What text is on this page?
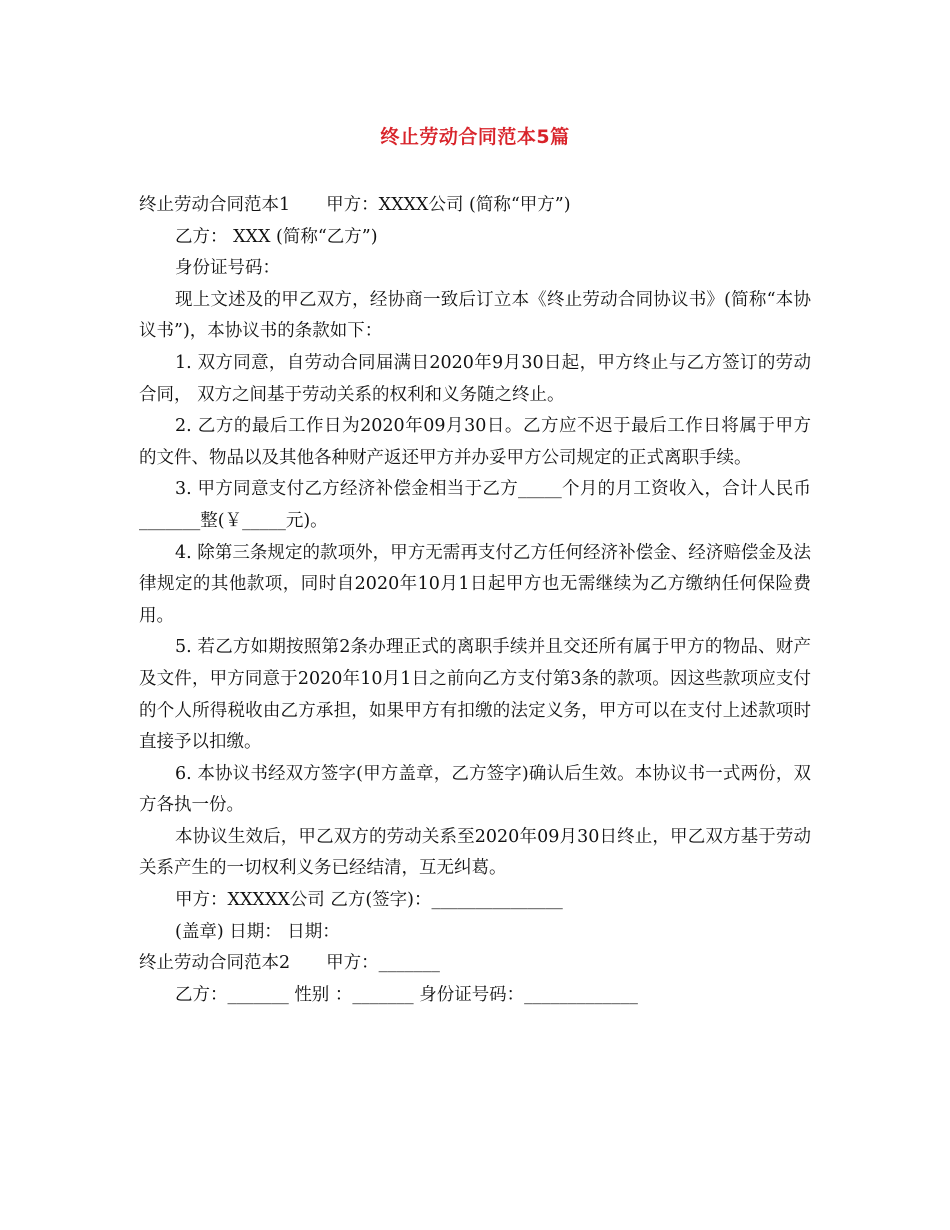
终止劳动合同范本5篇

终止劳动合同范本1 甲方：XXXX公司 (简称“甲方”)

乙方： XXX (简称“乙方”)

身份证号码：

现上文述及的甲乙双方，经协商一致后订立本《终止劳动合同协议书》(简称“本协议书”)，本协议书的条款如下：

1. 双方同意，自劳动合同届满日2020年9月30日起，甲方终止与乙方签订的劳动合同， 双方之间基于劳动关系的权利和义务随之终止。

2. 乙方的最后工作日为2020年09月30日。乙方应不迟于最后工作日将属于甲方的文件、物品以及其他各种财产返还甲方并办妥甲方公司规定的正式离职手续。

3. 甲方同意支付乙方经济补偿金相当于乙方_____个月的月工资收入，合计人民币_______整(￥_____元)。

4. 除第三条规定的款项外，甲方无需再支付乙方任何经济补偿金、经济赔偿金及法律规定的其他款项，同时自2020年10月1日起甲方也无需继续为乙方缴纳任何保险费用。

5. 若乙方如期按照第2条办理正式的离职手续并且交还所有属于甲方的物品、财产及文件，甲方同意于2020年10月1日之前向乙方支付第3条的款项。因这些款项应支付的个人所得税收由乙方承担，如果甲方有扣缴的法定义务，甲方可以在支付上述款项时直接予以扣缴。

6. 本协议书经双方签字(甲方盖章，乙方签字)确认后生效。本协议书一式两份，双方各执一份。

本协议生效后，甲乙双方的劳动关系至2020年09月30日终止，甲乙双方基于劳动关系产生的一切权利义务已经结清，互无纠葛。

甲方：XXXXX公司 乙方(签字)：_______________

(盖章) 日期： 日期：

终止劳动合同范本2 甲方：_______

乙方：_______ 性别 ：_______ 身份证号码：_____________
